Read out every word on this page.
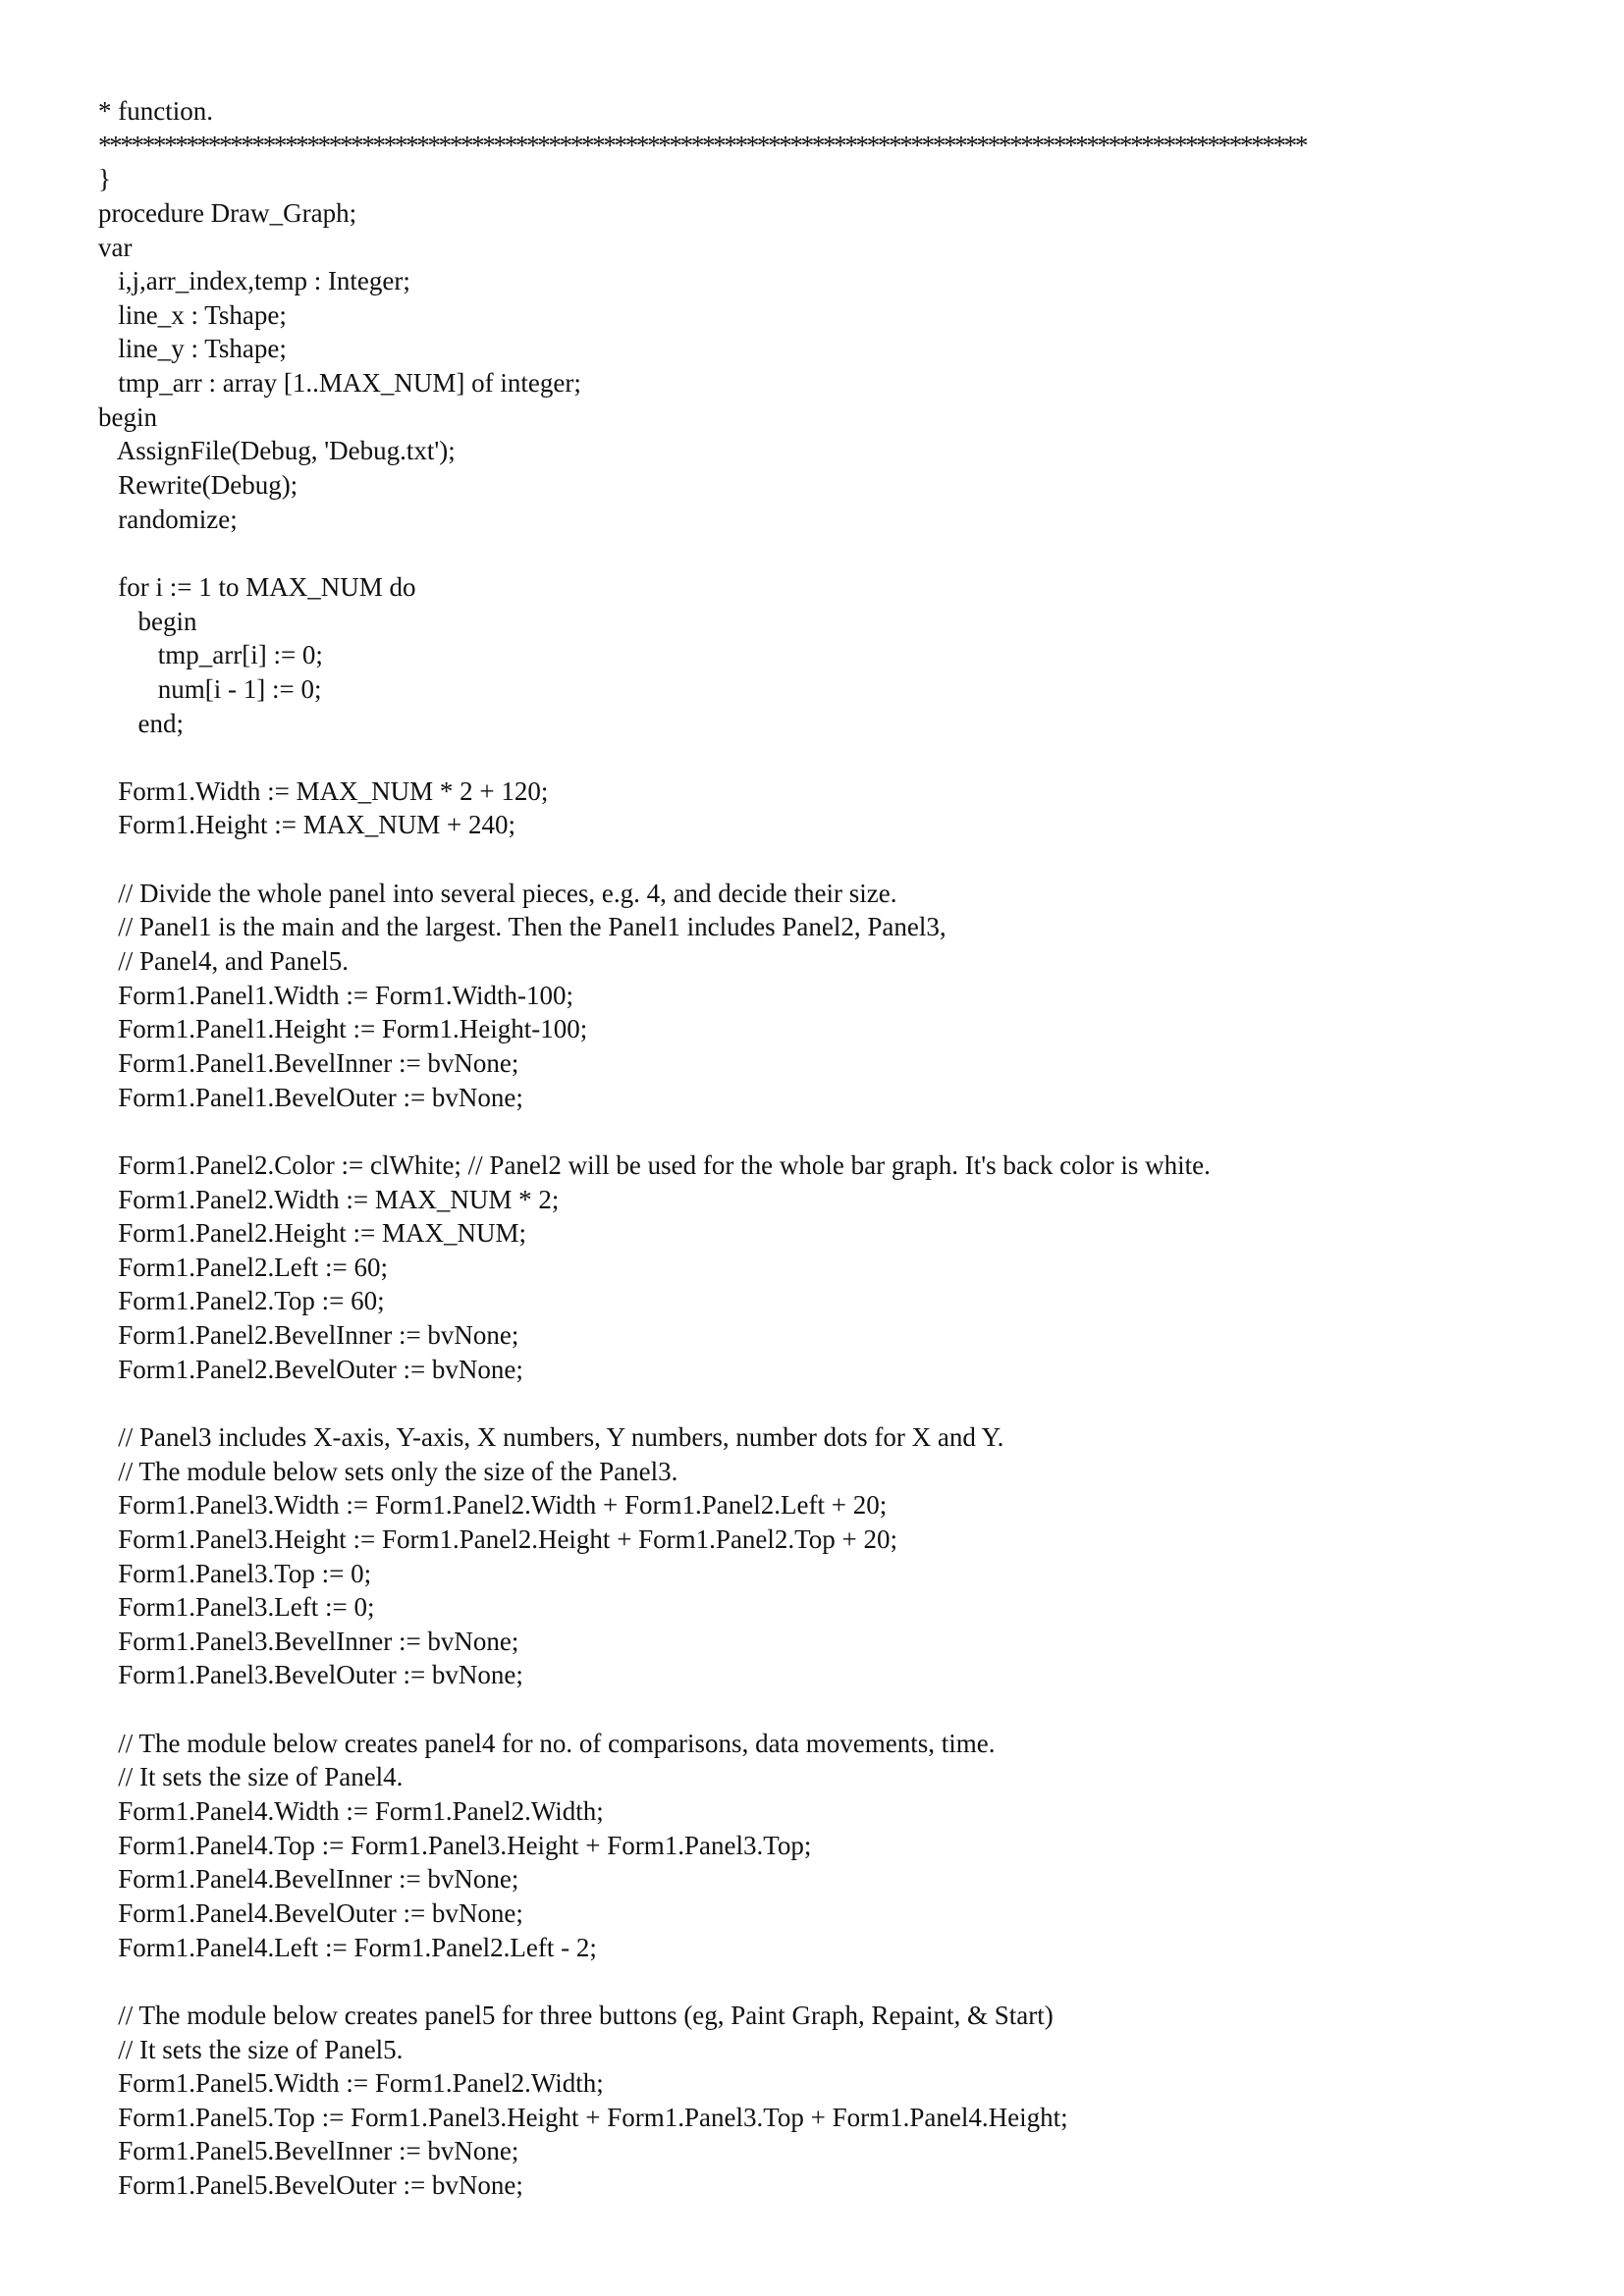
* function.
**************************************************************************************************************
}
procedure Draw_Graph;
var
i,j,arr_index,temp : Integer;
line_x : Tshape;
line_y : Tshape;
tmp_arr : array [1..MAX_NUM] of integer;
begin
AssignFile(Debug, 'Debug.txt');
Rewrite(Debug);
randomize;
for i := 1 to MAX_NUM do
begin
tmp_arr[i] := 0;
num[i - 1] := 0;
end;
Form1.Width := MAX_NUM * 2 + 120;
Form1.Height := MAX_NUM + 240;
// Divide the whole panel into several pieces, e.g. 4, and decide their size.
// Panel1 is the main and the largest. Then the Panel1 includes Panel2, Panel3,
// Panel4, and Panel5.
Form1.Panel1.Width := Form1.Width-100;
Form1.Panel1.Height := Form1.Height-100;
Form1.Panel1.BevelInner := bvNone;
Form1.Panel1.BevelOuter := bvNone;
Form1.Panel2.Color := clWhite; // Panel2 will be used for the whole bar graph. It's back color is white.
Form1.Panel2.Width := MAX_NUM * 2;
Form1.Panel2.Height := MAX_NUM;
Form1.Panel2.Left := 60;
Form1.Panel2.Top := 60;
Form1.Panel2.BevelInner := bvNone;
Form1.Panel2.BevelOuter := bvNone;
// Panel3 includes X-axis, Y-axis, X numbers, Y numbers, number dots for X and Y.
// The module below sets only the size of the Panel3.
Form1.Panel3.Width := Form1.Panel2.Width + Form1.Panel2.Left + 20;
Form1.Panel3.Height := Form1.Panel2.Height + Form1.Panel2.Top + 20;
Form1.Panel3.Top := 0;
Form1.Panel3.Left := 0;
Form1.Panel3.BevelInner := bvNone;
Form1.Panel3.BevelOuter := bvNone;
// The module below creates panel4 for no. of comparisons, data movements, time.
// It sets the size of Panel4.
Form1.Panel4.Width := Form1.Panel2.Width;
Form1.Panel4.Top := Form1.Panel3.Height + Form1.Panel3.Top;
Form1.Panel4.BevelInner := bvNone;
Form1.Panel4.BevelOuter := bvNone;
Form1.Panel4.Left := Form1.Panel2.Left - 2;
// The module below creates panel5 for three buttons (eg, Paint Graph, Repaint, & Start)
// It sets the size of Panel5.
Form1.Panel5.Width := Form1.Panel2.Width;
Form1.Panel5.Top := Form1.Panel3.Height + Form1.Panel3.Top + Form1.Panel4.Height;
Form1.Panel5.BevelInner := bvNone;
Form1.Panel5.BevelOuter := bvNone;
